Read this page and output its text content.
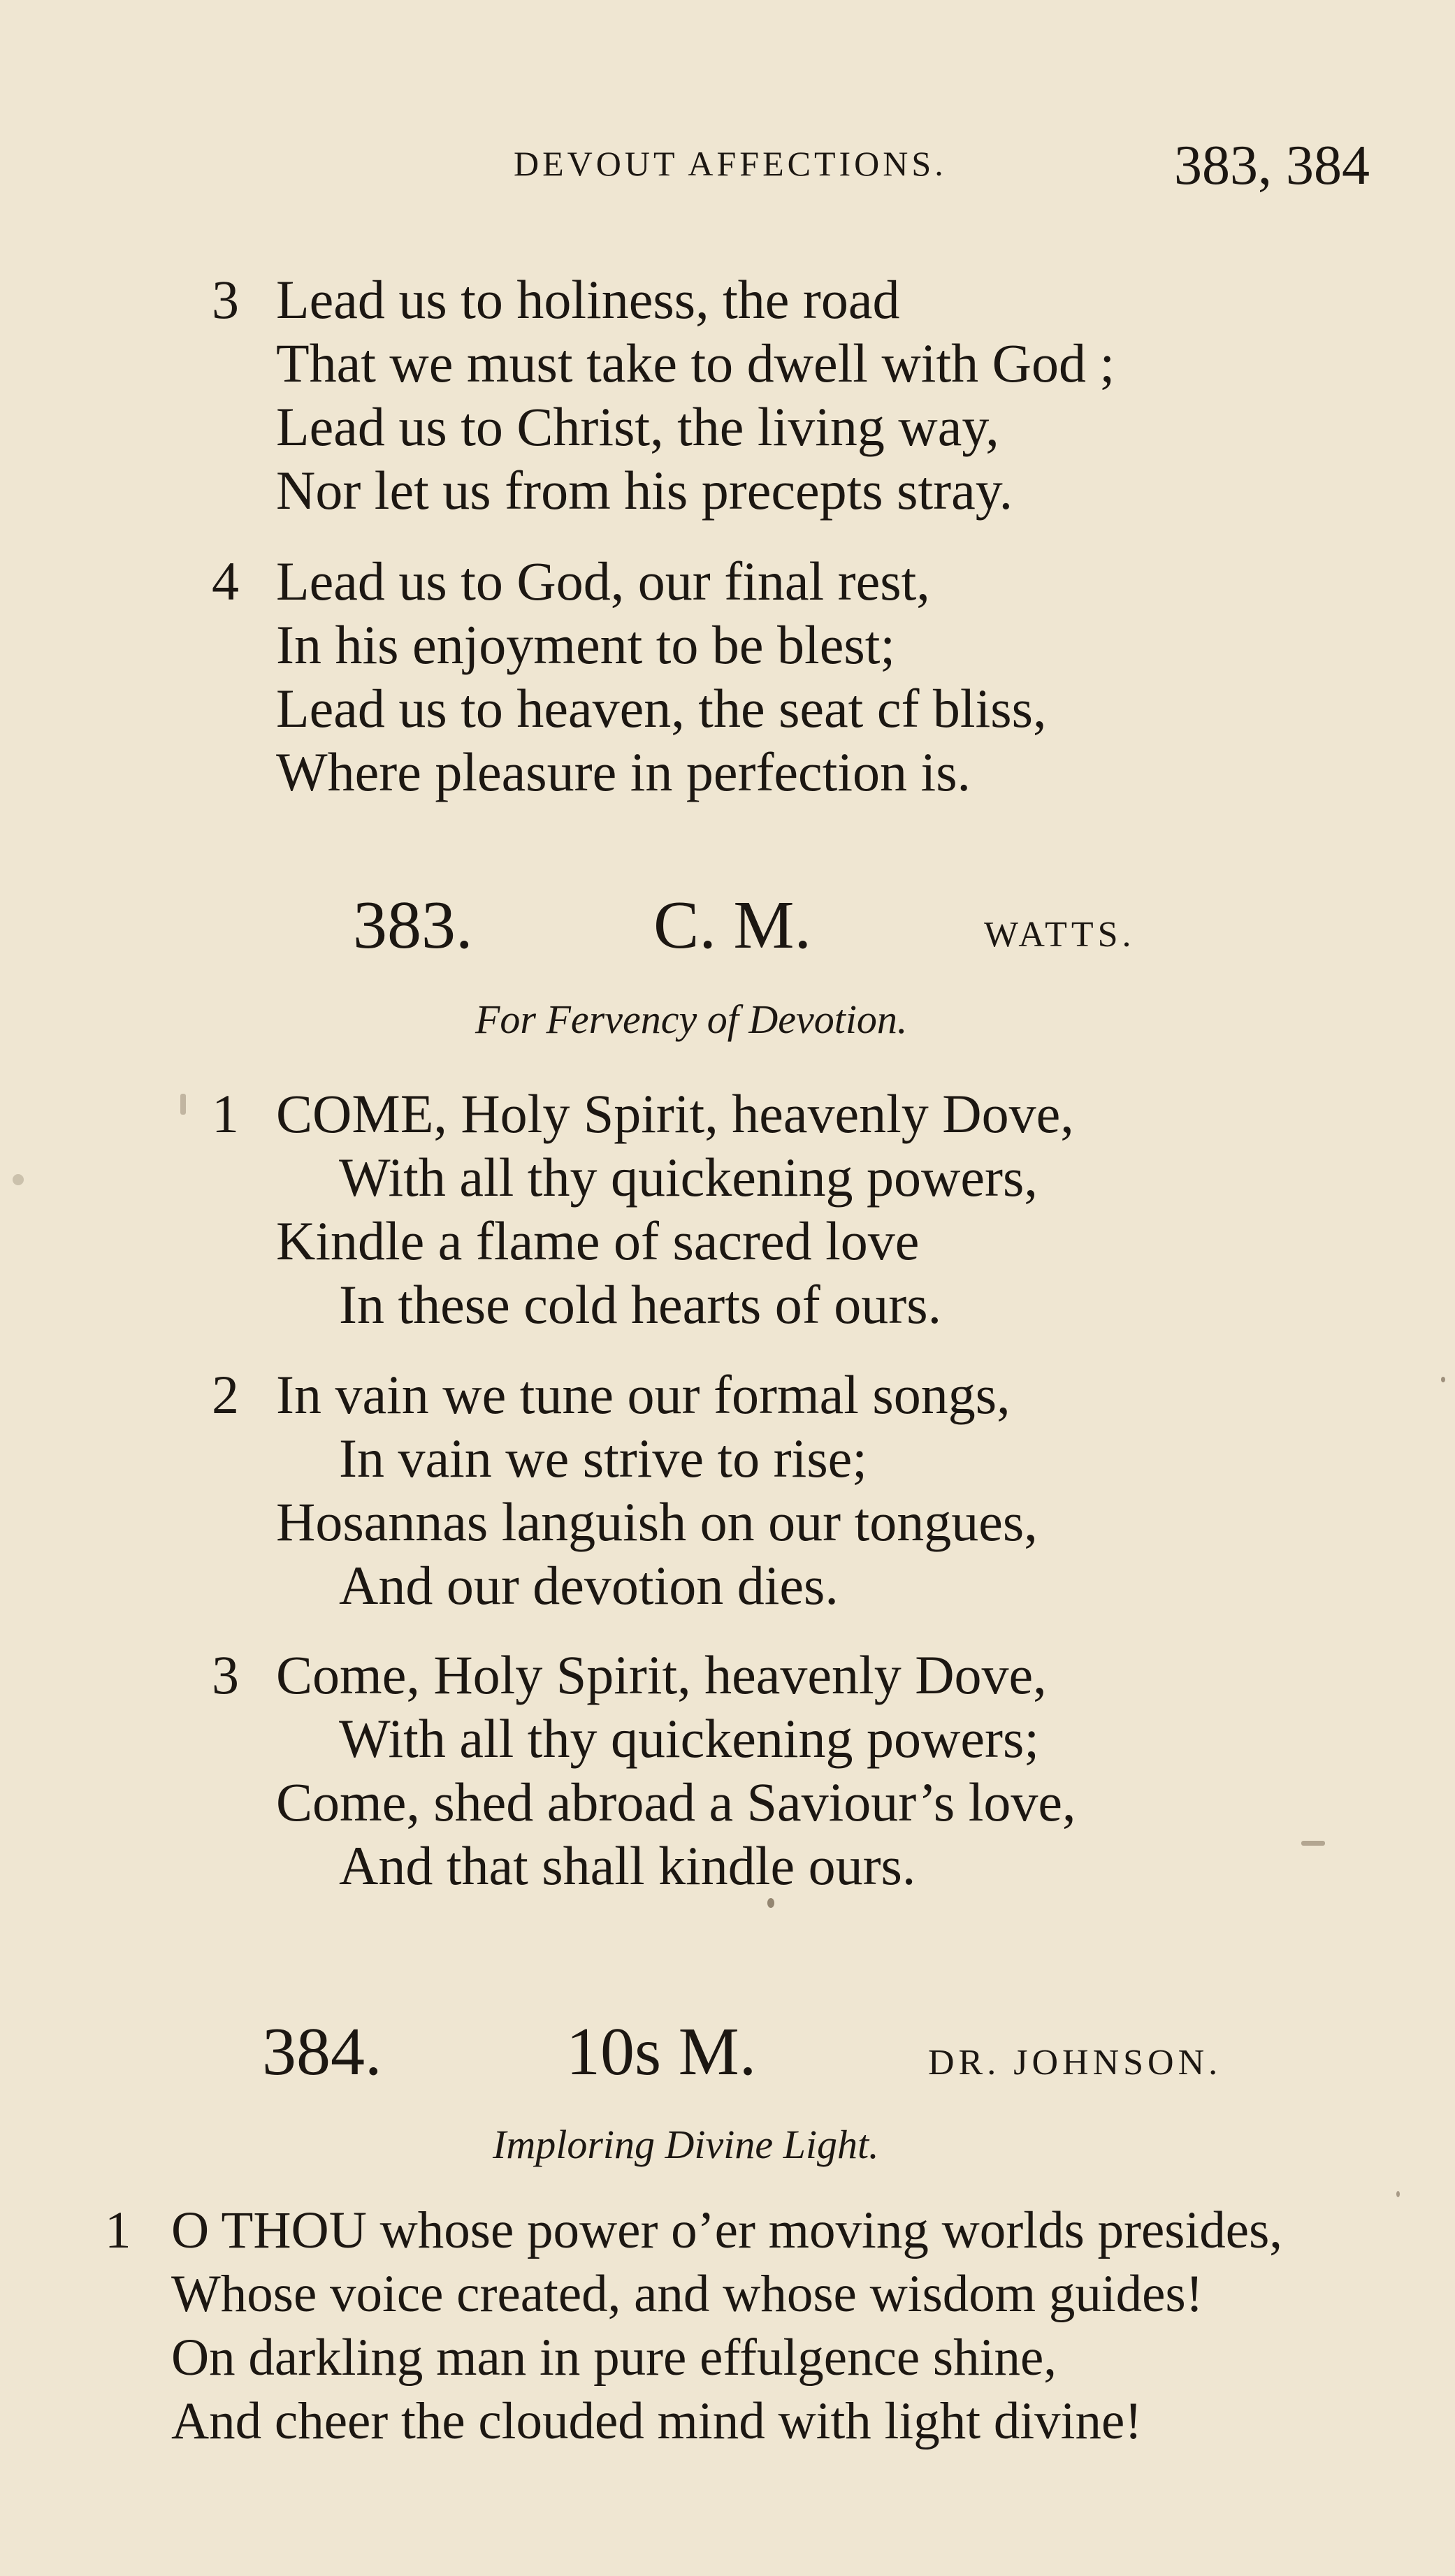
DEVOUT AFFECTIONS.	383, 384
3 Lead us to holiness, the road
That we must take to dwell with God ;
Lead us to Christ, the living way,
Nor let us from his precepts stray.
4 Lead us to God, our final rest,
In his enjoyment to be blest;
Lead us to heaven, the seat cf bliss,
Where pleasure in perfection is.
383.	C. M.	WATTS.
For Fervency of Devotion.
1 COME, Holy Spirit, heavenly Dove,
With all thy quickening powers,
Kindle a flame of sacred love
In these cold hearts of ours.
2 In vain we tune our formal songs,
In vain we strive to rise;
Hosannas languish on our tongues,
And our devotion dies.
3 Come, Holy Spirit, heavenly Dove,
With all thy quickening powers;
Come, shed abroad a Saviour’s love,
And that shall kindle ours.
384.	10s M.	DR. JOHNSON.
Imploring Divine Light.
1 O THOU whose power o’er moving worlds presides,
Whose voice created, and whose wisdom guides!
On darkling man in pure effulgence shine,
And cheer the clouded mind with light divine!
